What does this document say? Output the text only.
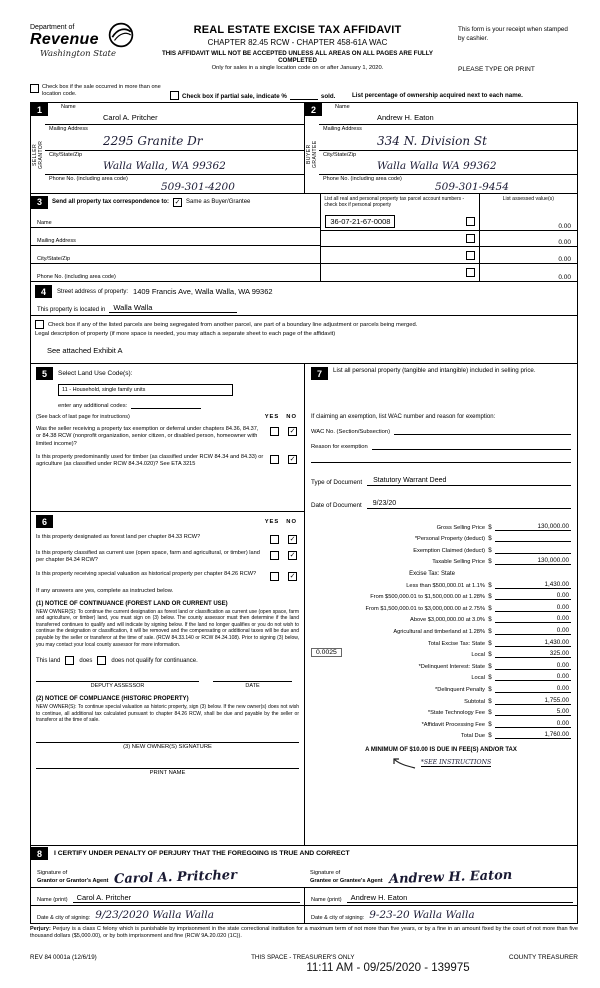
Department of
Revenue
Washington State
REAL ESTATE EXCISE TAX AFFIDAVIT
CHAPTER 82.45 RCW - CHAPTER 458-61A WAC
THIS AFFIDAVIT WILL NOT BE ACCEPTED UNLESS ALL AREAS ON ALL PAGES ARE FULLY COMPLETED
Only for sales in a single location code on or after January 1, 2020.
This form is your receipt when stamped by cashier.
PLEASE TYPE OR PRINT
Check box if the sale occurred in more than one location code.	Check box if partial sale, indicate %	sold.	List percentage of ownership acquired next to each name.
1
SELLER GRANTOR
Name
Carol A. Pritcher
Mailing Address
2295 Granite Dr
City/State/Zip
Walla Walla, WA 99362
Phone No. (including area code)
509-301-4200
2
BUYER GRANTEE
Name
Andrew H. Eaton
Mailing Address
334 N. Division St
City/State/Zip
Walla Walla WA 99362
Phone No. (including area code)
509-301-9454
3	Send all property tax correspondence to: ✓ Same as Buyer/Grantee
Name
Mailing Address
City/State/Zip
Phone No. (including area code)
List all real and personal property tax parcel account numbers - check box if personal property
36-07-21-67-0008
List assessed value(s)
0.00
0.00
0.00
0.00
4	Street address of property: 1409 Francis Ave, Walla Walla, WA 99362
This property is located in	Walla Walla
Check box if any of the listed parcels are being segregated from another parcel, are part of a boundary line adjustment or parcels being merged.
Legal description of property (if more space is needed, you may attach a separate sheet to each page of the affidavit)
See attached Exhibit A
5	Select Land Use Code(s):
11 - Household, single family units
enter any additional codes:
(See back of last page for instructions)	YES NO
Was the seller receiving a property tax exemption or deferral under chapters 84.36, 84.37, or 84.38 RCW (nonprofit organization, senior citizen, or disabled person, homeowner with limited income)?
✓
Is this property predominantly used for timber (as classified under RCW 84.34 and 84.33) or agriculture (as classified under RCW 84.34.020)? See ETA 3215
✓
6	YES NO
Is this property designated as forest land per chapter 84.33 RCW?	✓
Is this property classified as current use (open space, farm and agricultural, or timber) land per chapter 84.34 RCW?
✓
Is this property receiving special valuation as historical property per chapter 84.26 RCW?	✓
If any answers are yes, complete as instructed below.
(1) NOTICE OF CONTINUANCE (FOREST LAND OR CURRENT USE)
NEW OWNER(S): To continue the current designation as forest land or classification as current use (open space, farm and agriculture, or timber) land, you must sign on (3) below. The county assessor must then determine if the land transferred continues to qualify and will indicate by signing below. If the land no longer qualifies or you do not wish to continue the designation or classification, it will be removed and the compensating or additional taxes will be due and payable by the seller or transferor at the time of sale. (RCW 84.33.140 or RCW 84.34.108). Prior to signing (3) below, you may contact your local county assessor for more information.
This land	does	does not qualify for continuance.
DEPUTY ASSESSOR	DATE
(2) NOTICE OF COMPLIANCE (HISTORIC PROPERTY)
NEW OWNER(S): To continue special valuation as historic property, sign (3) below. If the new owner(s) does not wish to continue, all additional tax calculated pursuant to chapter 84.26 RCW, shall be due and payable by the seller or transferor at the time of sale.
(3) NEW OWNER(S) SIGNATURE
PRINT NAME
7	List all personal property (tangible and intangible) included in selling price.
If claiming an exemption, list WAC number and reason for exemption:
WAC No. (Section/Subsection)
Reason for exemption
Type of Document	Statutory Warrant Deed
Date of Document	9/23/20
Gross Selling Price $	130,000.00
*Personal Property (deduct) $
Exemption Claimed (deduct) $
Taxable Selling Price $	130,000.00
Excise Tax: State
Less than $500,000.01 at 1.1% $	1,430.00
From $500,000.01 to $1,500,000.00 at 1.28% $	0.00
From $1,500,000.01 to $3,000,000.00 at 2.75% $	0.00
Above $3,000,000.00 at 3.0% $	0.00
Agricultural and timberland at 1.28% $	0.00
Total Excise Tax: State $	1,430.00
0.0025	Local $	325.00
*Delinquent Interest: State $	0.00
Local $	0.00
*Delinquent Penalty $	0.00
Subtotal $	1,755.00
*State Technology Fee $	5.00
*Affidavit Processing Fee $	0.00
Total Due $	1,760.00
A MINIMUM OF $10.00 IS DUE IN FEE(S) AND/OR TAX
*SEE INSTRUCTIONS
8	I CERTIFY UNDER PENALTY OF PERJURY THAT THE FOREGOING IS TRUE AND CORRECT
Signature of
Grantor or Grantor's Agent Carol A. Pritcher	Signature of
Grantee or Grantee's Agent Andrew H. Eaton
Name (print)	Carol A. Pritcher	Name (print)	Andrew H. Eaton
Date & city of signing: 9/23/2020 Walla Walla	Date & city of signing: 9-23-20 Walla Walla
Perjury: Perjury is a class C felony which is punishable by imprisonment in the state correctional institution for a maximum term of not more than five years, or by a fine in an amount fixed by the court of not more than five thousand dollars ($5,000.00), or by both imprisonment and fine (RCW 9A.20.020 (1C)).
REV 84 0001a (12/6/19)	THIS SPACE - TREASURER'S ONLY	COUNTY TREASURER
11:11 AM - 09/25/2020 - 139975
